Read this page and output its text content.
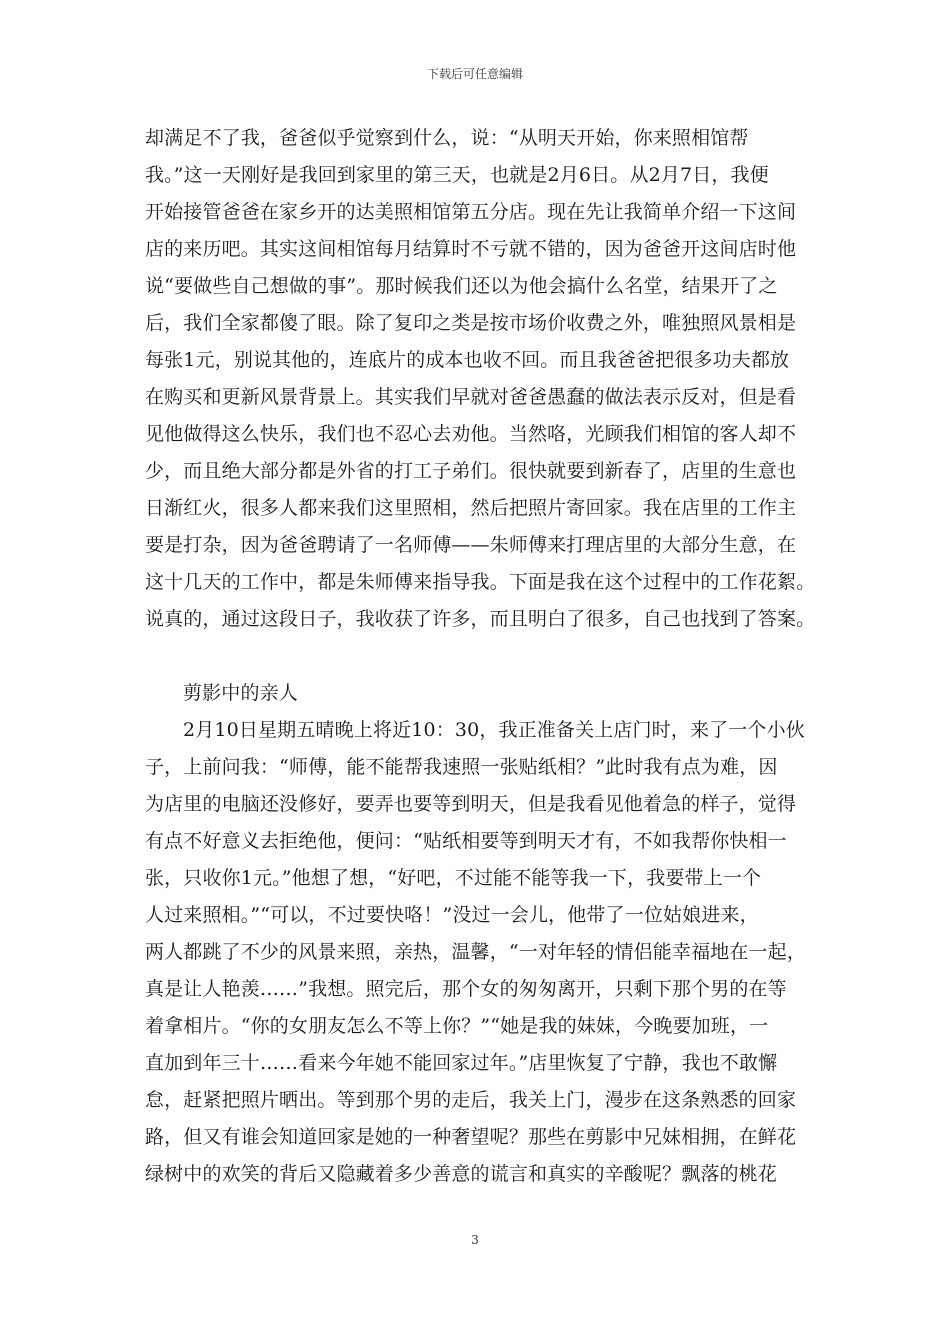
下载后可任意编辑
却满足不了我，爸爸似乎觉察到什么，说：“从明天开始，你来照相馆帮
我。”这一天刚好是我回到家里的第三天，也就是2月6日。从2月7日，我便
开始接管爸爸在家乡开的达美照相馆第五分店。现在先让我简单介绍一下这间
店的来历吧。其实这间相馆每月结算时不亏就不错的，因为爸爸开这间店时他
说“要做些自己想做的事”。那时候我们还以为他会搞什么名堂，结果开了之
后，我们全家都傻了眼。除了复印之类是按市场价收费之外，唯独照风景相是
每张1元，别说其他的，连底片的成本也收不回。而且我爸爸把很多功夫都放
在购买和更新风景背景上。其实我们早就对爸爸愚蠢的做法表示反对，但是看
见他做得这么快乐，我们也不忍心去劝他。当然咯，光顾我们相馆的客人却不
少，而且绝大部分都是外省的打工子弟们。很快就要到新春了，店里的生意也
日渐红火，很多人都来我们这里照相，然后把照片寄回家。我在店里的工作主
要是打杂，因为爸爸聘请了一名师傅——朱师傅来打理店里的大部分生意，在
这十几天的工作中，都是朱师傅来指导我。下面是我在这个过程中的工作花絮。
说真的，通过这段日子，我收获了许多，而且明白了很多，自己也找到了答案。
剪影中的亲人
2月10日星期五晴晚上将近10：30，我正准备关上店门时，来了一个小伙
子，上前问我：“师傅，能不能帮我速照一张贴纸相？”此时我有点为难，因
为店里的电脑还没修好，要弄也要等到明天，但是我看见他着急的样子，觉得
有点不好意义去拒绝他，便问：“贴纸相要等到明天才有，不如我帮你快相一
张，只收你1元。”他想了想，“好吧，不过能不能等我一下，我要带上一个
人过来照相。”“可以，不过要快咯！”没过一会儿，他带了一位姑娘进来，
两人都跳了不少的风景来照，亲热，温馨，“一对年轻的情侣能幸福地在一起，
真是让人艳羡……”我想。照完后，那个女的匆匆离开，只剩下那个男的在等
着拿相片。“你的女朋友怎么不等上你？”“她是我的妹妹，今晚要加班，一
直加到年三十……看来今年她不能回家过年。”店里恢复了宁静，我也不敢懈
怠，赶紧把照片晒出。等到那个男的走后，我关上门，漫步在这条熟悉的回家
路，但又有谁会知道回家是她的一种奢望呢？那些在剪影中兄妹相拥，在鲜花
绿树中的欢笑的背后又隐藏着多少善意的谎言和真实的辛酸呢？飘落的桃花
3
